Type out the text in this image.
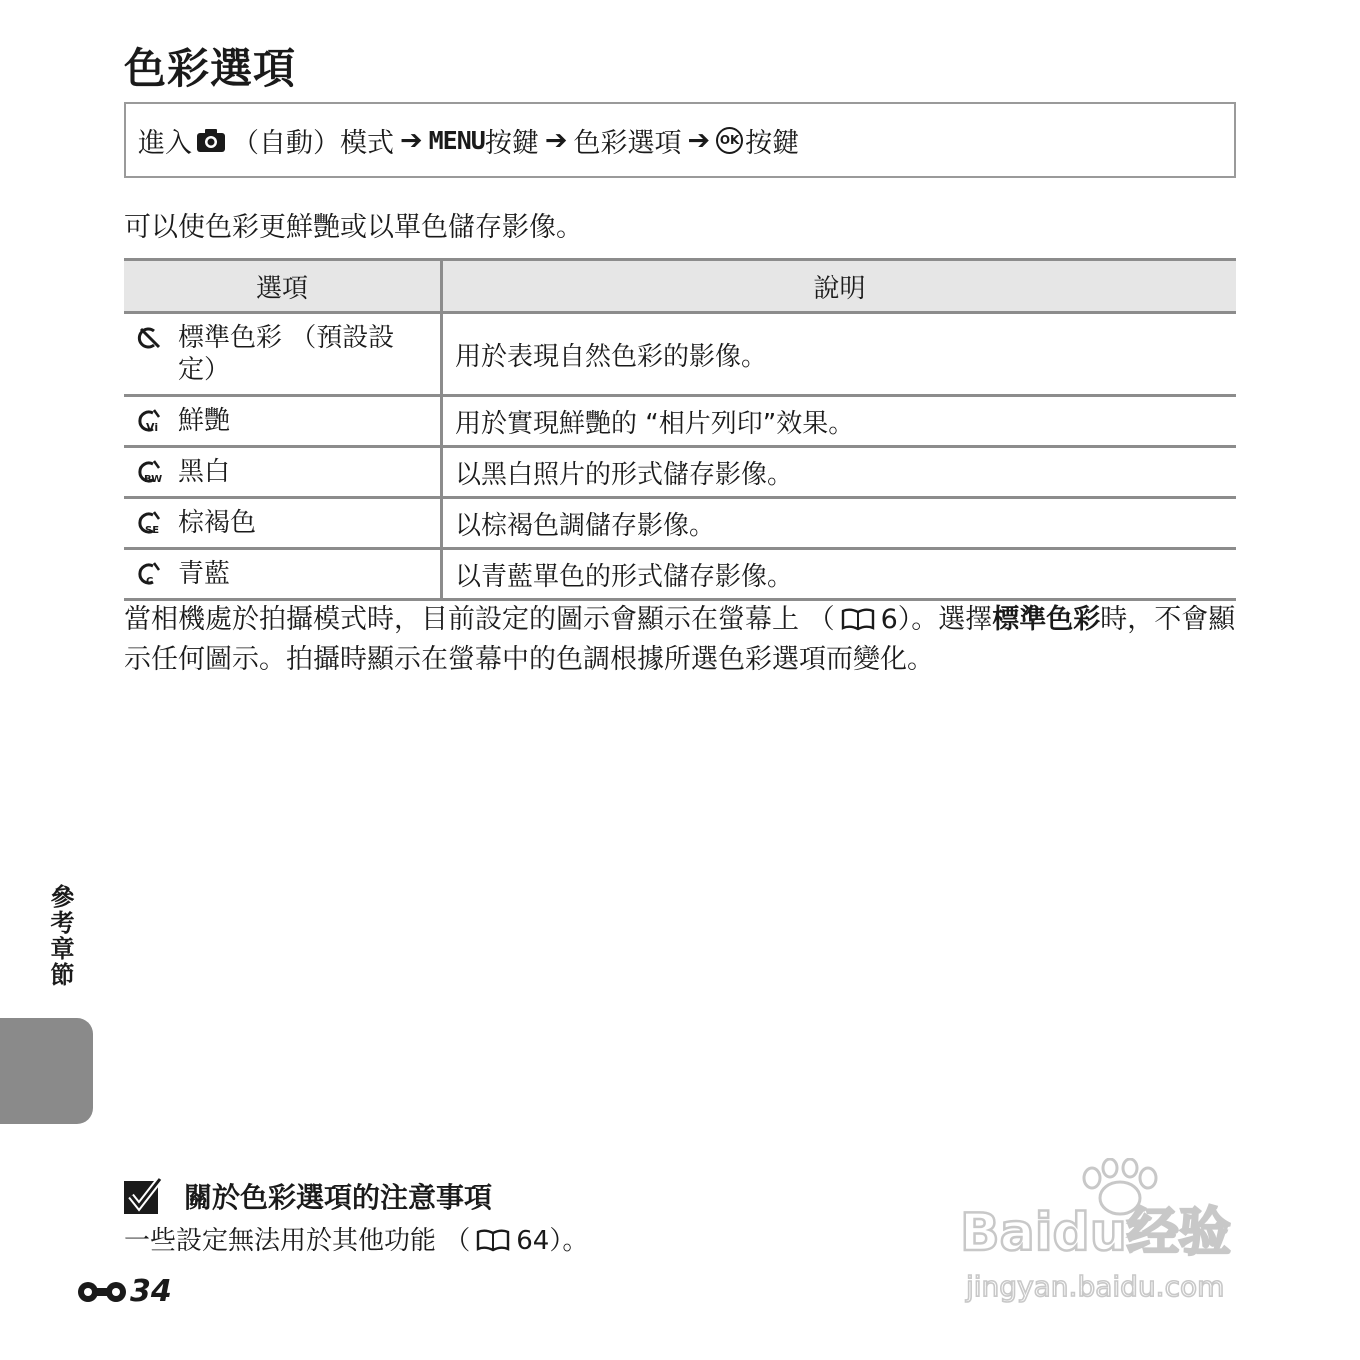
色彩選項
進入 （自動）模式 ➔ MENU 按鍵 ➔ 色彩選項 ➔ OK 按鍵

可以使色彩更鮮艷或以單色儲存影像。

選項	說明

標準色彩 （預設設定）	用於表現自然色彩的影像。

Vi 鮮艷	用於實現鮮艷的 “相片列印”效果。

BW 黑白	以黑白照片的形式儲存影像。

SE 棕褐色	以棕褐色調儲存影像。

C 青藍	以青藍單色的形式儲存影像。

當相機處於拍攝模式時，目前設定的圖示會顯示在螢幕上 （ 6）。選擇標準色彩時，不會顯示任何圖示。拍攝時顯示在螢幕中的色調根據所選色彩選項而變化。

參考章節
關於色彩選項的注意事項

一些設定無法用於其他功能 （ 64）。

34
Baidu经验
jingyan.baidu.com
